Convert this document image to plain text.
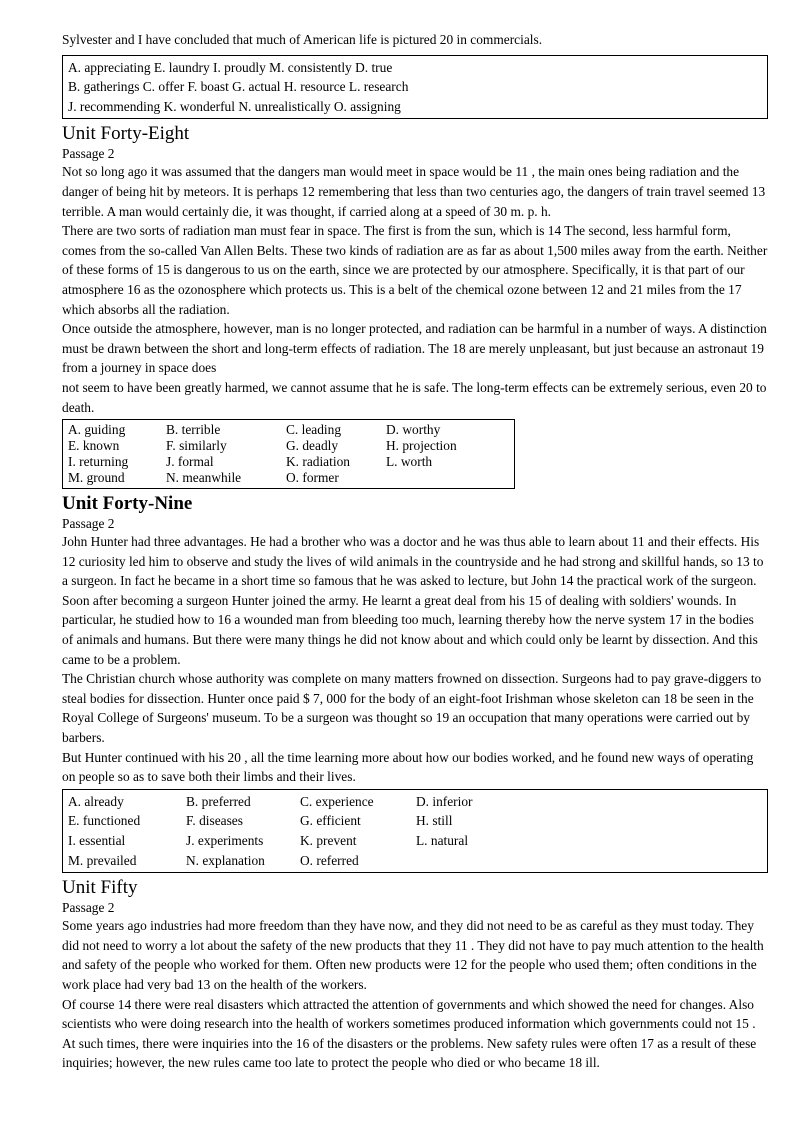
Sylvester and I have concluded that much of American life is pictured 20 in commercials.

A. appreciating E. laundry I. proudly M. consistently D. true
B. gatherings C. offer F. boast G. actual H. resource L. research
J. recommending K. wonderful N. unrealistically O. assigning
Unit Forty-Eight
Passage 2

Not so long ago it was assumed that the dangers man would meet in space would be 11 , the main ones being radiation and the danger of being hit by meteors. It is perhaps 12 remembering that less than two centuries ago, the dangers of train travel seemed 13 terrible. A man would certainly die, it was thought, if carried along at a speed of 30 m. p. h.

There are two sorts of radiation man must fear in space. The first is from the sun, which is 14 The second, less harmful form, comes from the so-called Van Allen Belts. These two kinds of radiation are as far as about 1,500 miles away from the earth. Neither of these forms of 15 is dangerous to us on the earth, since we are protected by our atmosphere. Specifically, it is that part of our atmosphere 16 as the ozonosphere which protects us. This is a belt of the chemical ozone between 12 and 21 miles from the 17 which absorbs all the radiation.

Once outside the atmosphere, however, man is no longer protected, and radiation can be harmful in a number of ways. A distinction must be drawn between the short and long-term effects of radiation. The 18 are merely unpleasant, but just because an astronaut 19 from a journey in space does

not seem to have been greatly harmed, we cannot assume that he is safe. The long-term effects can be extremely serious, even 20 to death.

A. guiding	B. terrible	C. leading	D. worthy
E. known	F. similarly	G. deadly	H. projection
I. returning	J. formal	K. radiation	L. worth
M. ground	N. meanwhile	O. former
Unit Forty-Nine
Passage 2

John Hunter had three advantages. He had a brother who was a doctor and he was thus able to learn about 11 and their effects. His 12 curiosity led him to observe and study the lives of wild animals in the countryside and he had strong and skillful hands, so 13 to a surgeon. In fact he became in a short time so famous that he was asked to lecture, but John 14 the practical work of the surgeon.

Soon after becoming a surgeon Hunter joined the army. He learnt a great deal from his 15 of dealing with soldiers' wounds. In particular, he studied how to 16 a wounded man from bleeding too much, learning thereby how the nerve system 17 in the bodies of animals and humans. But there were many things he did not know about and which could only be learnt by dissection. And this came to be a problem.

The Christian church whose authority was complete on many matters frowned on dissection. Surgeons had to pay grave-diggers to steal bodies for dissection. Hunter once paid $ 7, 000 for the body of an eight-foot Irishman whose skeleton can 18 be seen in the Royal College of Surgeons' museum. To be a surgeon was thought so 19 an occupation that many operations were carried out by barbers.

But Hunter continued with his 20 , all the time learning more about how our bodies worked, and he found new ways of operating on people so as to save both their limbs and their lives.

A. already	B. preferred	C. experience	D. inferior
E. functioned	F. diseases	G. efficient	H. still
I. essential	J. experiments	K. prevent	L. natural
M. prevailed	N. explanation	O. referred
Unit Fifty
Passage 2

Some years ago industries had more freedom than they have now, and they did not need to be as careful as they must today. They did not need to worry a lot about the safety of the new products that they 11 . They did not have to pay much attention to the health and safety of the people who worked for them. Often new products were 12 for the people who used them; often conditions in the work place had very bad 13 on the health of the workers.

Of course 14 there were real disasters which attracted the attention of governments and which showed the need for changes. Also scientists who were doing research into the health of workers sometimes produced information which governments could not 15 . At such times, there were inquiries into the 16 of the disasters or the problems. New safety rules were often 17 as a result of these inquiries; however, the new rules came too late to protect the people who died or who became 18 ill.
